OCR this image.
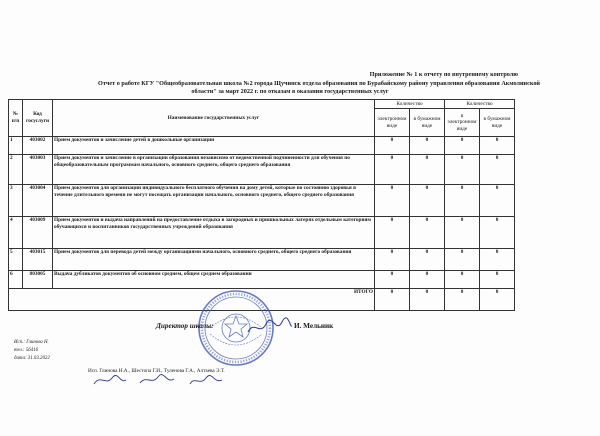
Приложение № 1 к отчету по внутреннему контролю
Отчет о работе КГУ "Общеобразовательная школа №2 города Щучинск отдела образования по Бурабайскому району управления образования Акмолинской
области" за март 2022 г. по отказам в оказании государственных услуг
№ п/п	Код госуслуги	Наименование государственных услуг	Количество		Количество	
			электронном виде	в бумажном виде	в электронном виде	в бумажном виде
1	403002	Прием документов и зачисление детей в дошкольные организации	0	0	0	0
2	403003	Прием документов и зачисление в организации образования независимо от ведомственной подчиненности для обучения по общеобразовательным программам начального, основного среднего, общего среднего образования	0	0	0	0
3	403004	Прием документов для организации индивидуального бесплатного обучения на дому детей, которые по состоянию здоровья в течение длительного времени не могут посещать организации начального, основного среднего, общего среднего образования	0	0	0	0
4	403009	Прием документов и выдача направлений на предоставление отдыха в загородных и пришкольных лагерях отдельным категориям обучающихся и воспитанников государственных учреждений образования	0	0	0	0
5	403015	Прием документов для перевода детей между организациями начального, основного среднего, общего среднего образования	0	0	0	0
6	803005	Выдача дубликатов документов об основном среднем, общем среднем образовании	0	0	0	0
ИТОГО			0	0	0	0
Директор школы:	И. Мельник
Исп.: Глинова Н.
тел.: 56416
дата: 31.03.2022
Исп. Глинова Н.А., Шестопа Г.И., Туленова Г.А., Алтаева Э.Т.
